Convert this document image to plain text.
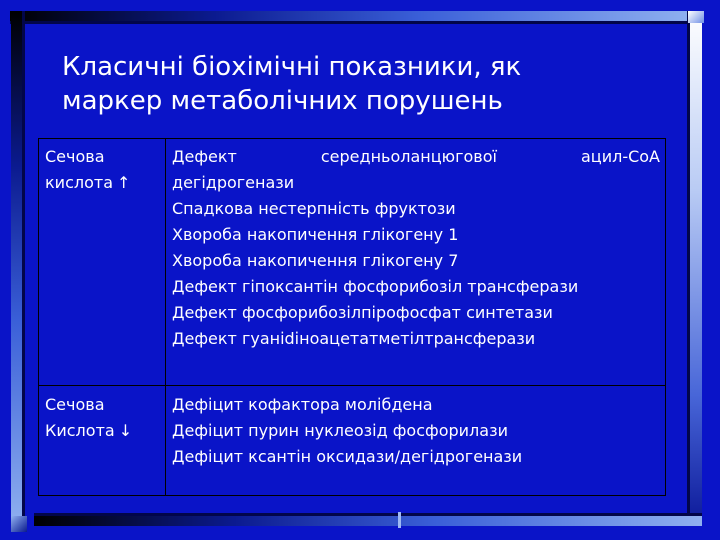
Класичні біохімічні показники, як
маркер метаболічних порушень
Сечова
кислота ↑
Дефект середньоланцюгової ацил-CoA
дегідрогенази
Спадкова нестерпність фруктози
Хвороба накопичення глікогену 1
Хвороба накопичення глікогену 7
Дефект гіпоксантін фосфорибозіл трансферази
Дефект фосфорибозілпірофосфат синтетази
Дефект гуаніdіноацетатметілтрансферази
Сечова
Кислота ↓
Дефіцит кофактора молібдена
Дефіцит пурин нуклеозід фосфорилази
Дефіцит ксантін оксидази/дегідрогенази
